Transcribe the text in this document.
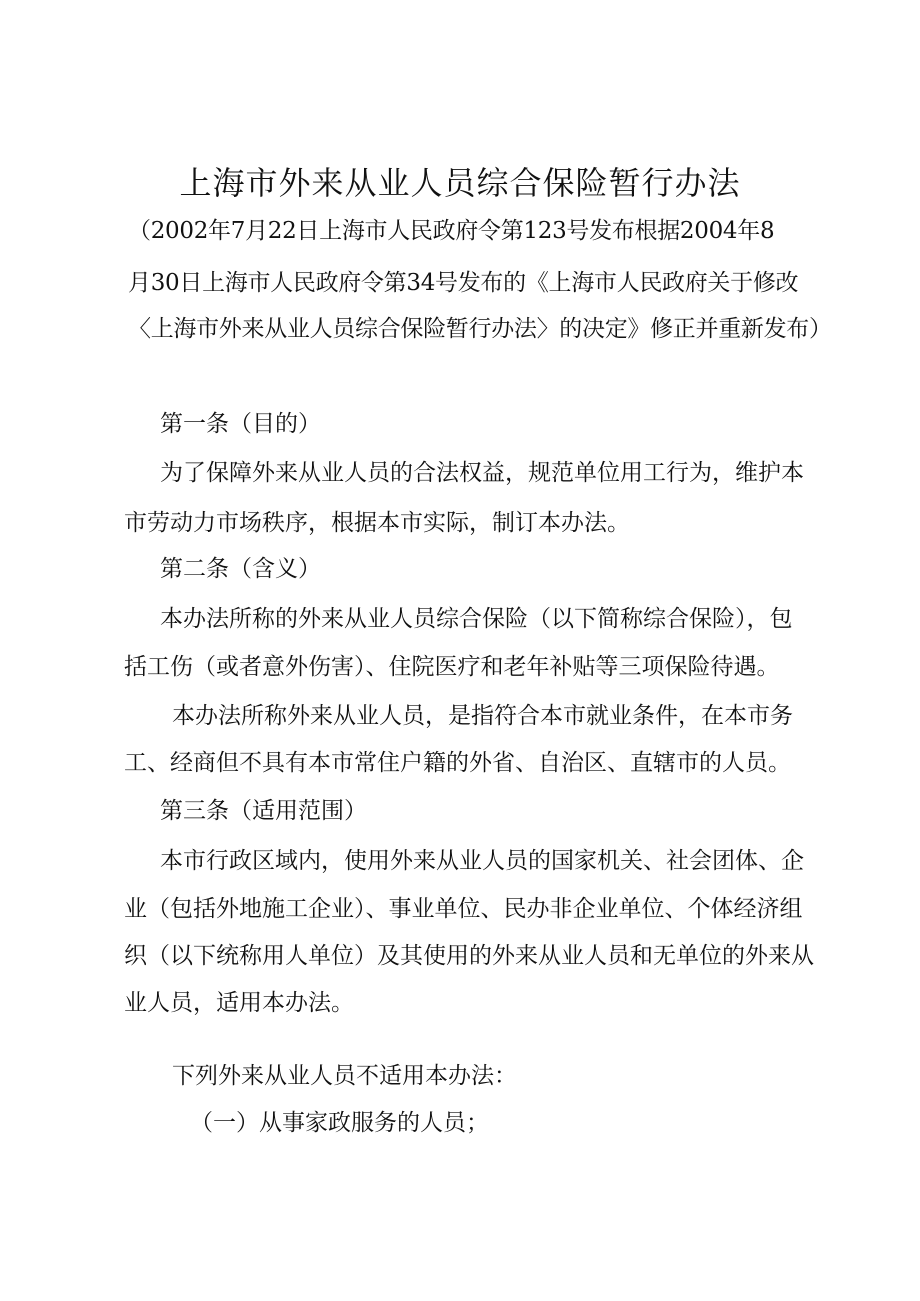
上海市外来从业人员综合保险暂行办法
（2002年7月22日上海市人民政府令第123号发布根据2004年8
月30日上海市人民政府令第34号发布的《上海市人民政府关于修改
〈上海市外来从业人员综合保险暂行办法〉的决定》修正并重新发布）
第一条（目的）
为了保障外来从业人员的合法权益，规范单位用工行为，维护本
市劳动力市场秩序，根据本市实际，制订本办法。
第二条（含义）
本办法所称的外来从业人员综合保险（以下简称综合保险），包
括工伤（或者意外伤害）、住院医疗和老年补贴等三项保险待遇。
本办法所称外来从业人员，是指符合本市就业条件，在本市务
工、经商但不具有本市常住户籍的外省、自治区、直辖市的人员。
第三条（适用范围）
本市行政区域内，使用外来从业人员的国家机关、社会团体、企
业（包括外地施工企业）、事业单位、民办非企业单位、个体经济组
织（以下统称用人单位）及其使用的外来从业人员和无单位的外来从
业人员，适用本办法。
下列外来从业人员不适用本办法：
（一）从事家政服务的人员；
